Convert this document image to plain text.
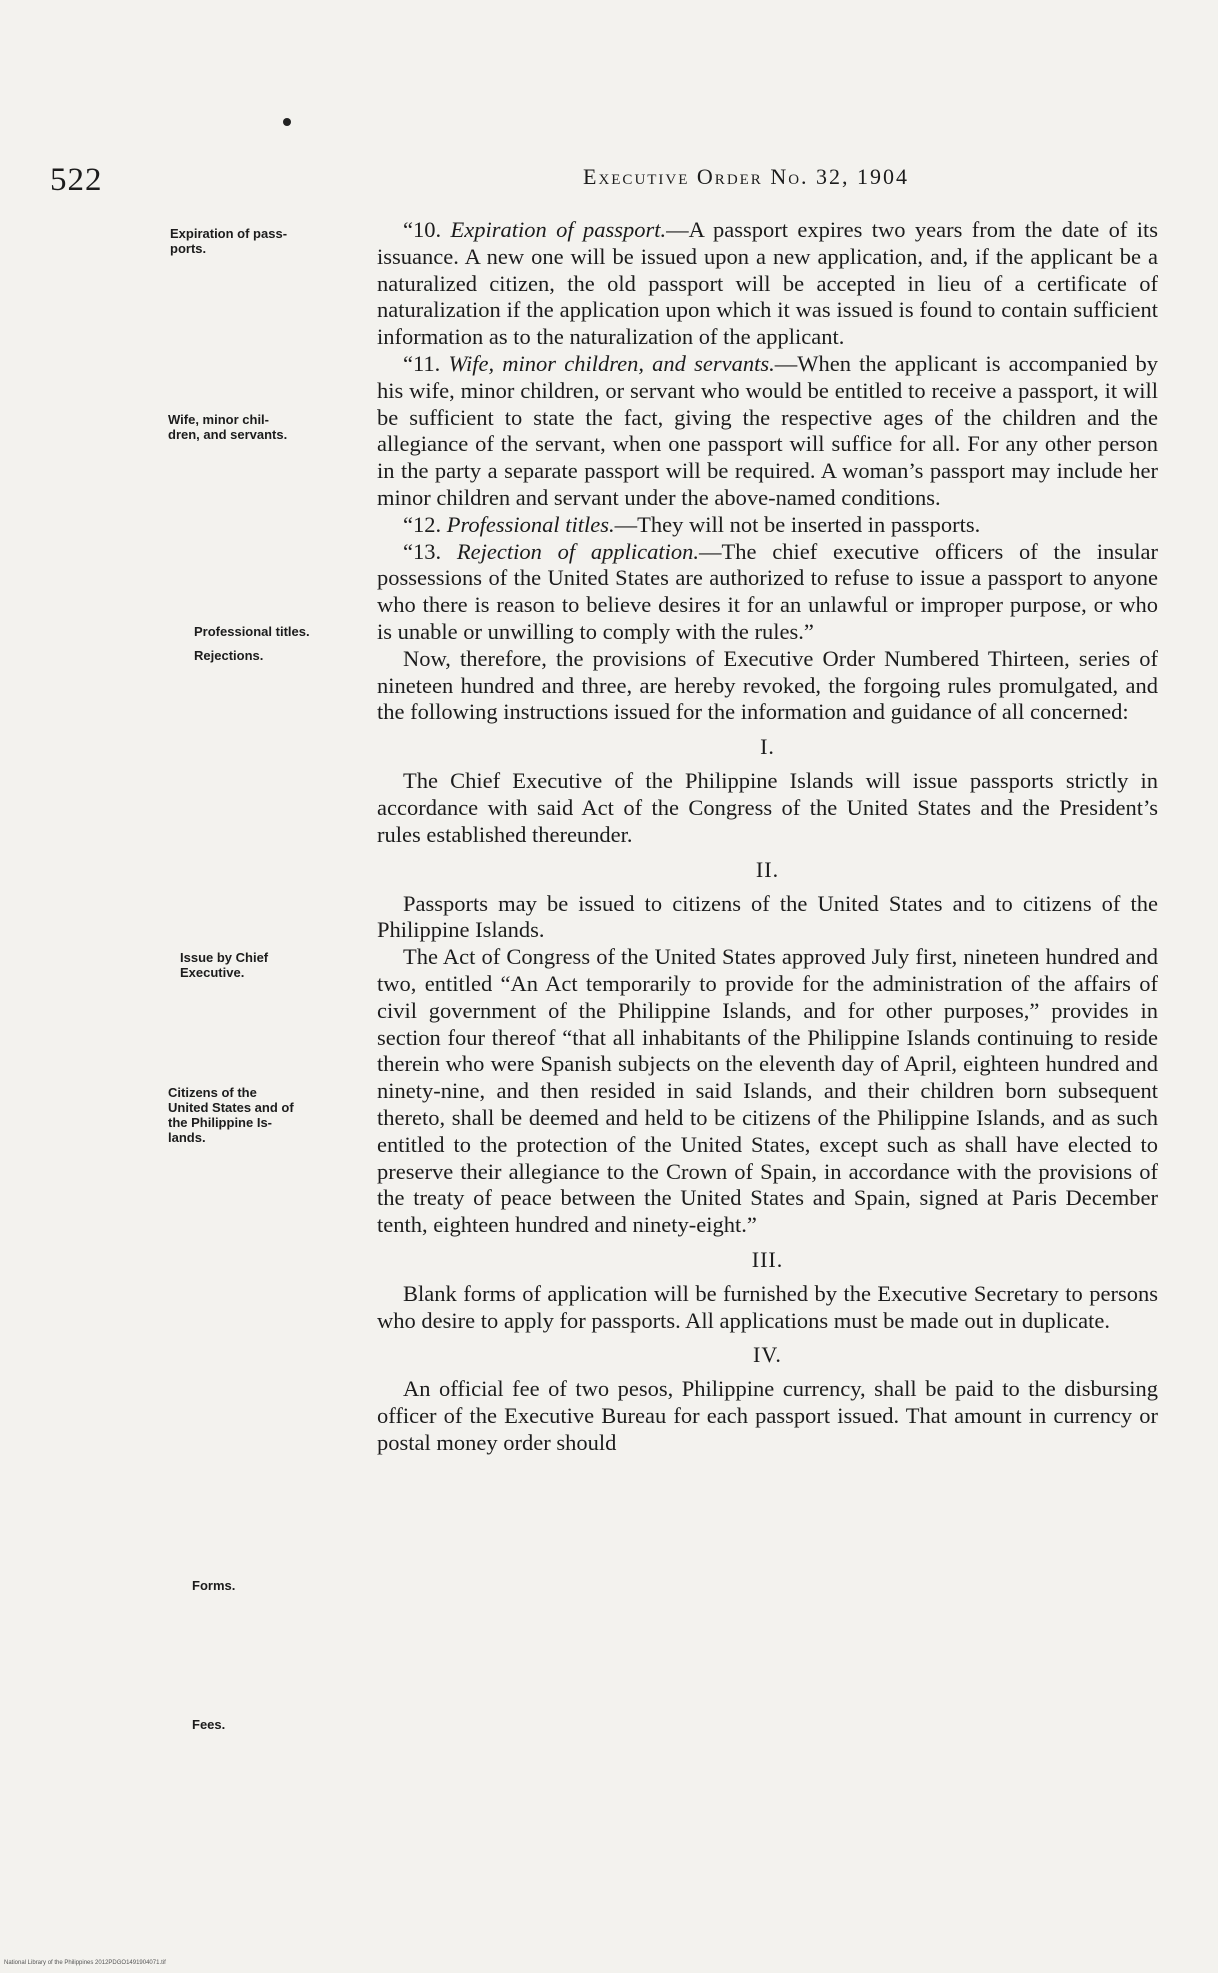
522	Executive Order No. 32, 1904
Expiration of pass-
ports.
Wife, minor chil-
dren, and servants.
Professional titles.
Rejections.
Issue by Chief
Executive.
Citizens of the
United States and of
the Philippine Is-
lands.
Forms.
Fees.

“10. Expiration of passport.—A passport expires two years from the date of its issuance. A new one will be issued upon a new application, and, if the applicant be a naturalized citizen, the old passport will be accepted in lieu of a certificate of naturalization if the application upon which it was issued is found to contain sufficient information as to the naturalization of the applicant.

“11. Wife, minor children, and servants.—When the applicant is accompanied by his wife, minor children, or servant who would be entitled to receive a passport, it will be sufficient to state the fact, giving the respective ages of the children and the allegiance of the servant, when one passport will suffice for all. For any other person in the party a separate passport will be required. A woman’s passport may include her minor children and servant under the above-named conditions.

“12. Professional titles.—They will not be inserted in passports.

“13. Rejection of application.—The chief executive officers of the insular possessions of the United States are authorized to refuse to issue a passport to anyone who there is reason to believe desires it for an unlawful or improper purpose, or who is unable or unwilling to comply with the rules.”

Now, therefore, the provisions of Executive Order Numbered Thirteen, series of nineteen hundred and three, are hereby revoked, the forgoing rules promulgated, and the following instructions issued for the information and guidance of all concerned:

I.

The Chief Executive of the Philippine Islands will issue passports strictly in accordance with said Act of the Congress of the United States and the President’s rules established thereunder.

II.

Passports may be issued to citizens of the United States and to citizens of the Philippine Islands.

The Act of Congress of the United States approved July first, nineteen hundred and two, entitled “An Act temporarily to provide for the administration of the affairs of civil government of the Philippine Islands, and for other purposes,” provides in section four thereof “that all inhabitants of the Philippine Islands continuing to reside therein who were Spanish subjects on the eleventh day of April, eighteen hundred and ninety-nine, and then resided in said Islands, and their children born subsequent thereto, shall be deemed and held to be citizens of the Philippine Islands, and as such entitled to the protection of the United States, except such as shall have elected to preserve their allegiance to the Crown of Spain, in accordance with the provisions of the treaty of peace between the United States and Spain, signed at Paris December tenth, eighteen hundred and ninety-eight.”

III.

Blank forms of application will be furnished by the Executive Secretary to persons who desire to apply for passports. All applications must be made out in duplicate.

IV.

An official fee of two pesos, Philippine currency, shall be paid to the disbursing officer of the Executive Bureau for each passport issued. That amount in currency or postal money order should

National Library of the Philippines 2012PDGO1491904071.tif
